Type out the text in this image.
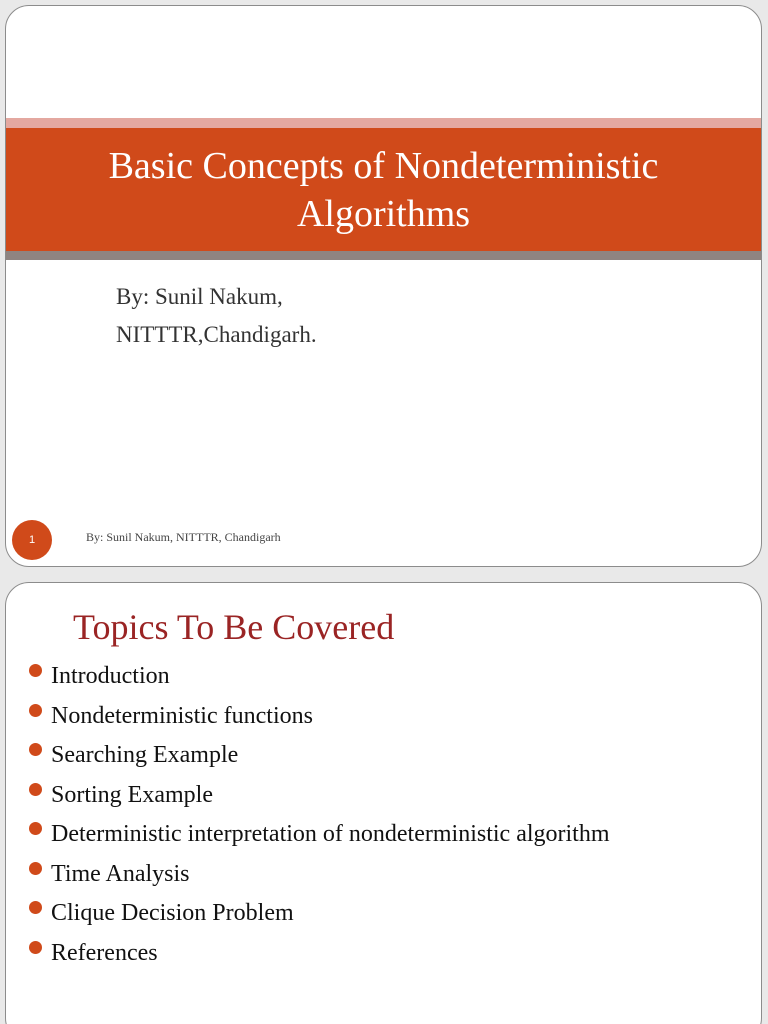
Basic Concepts of Nondeterministic
Algorithms
By: Sunil Nakum,
NITTTR,Chandigarh.
1	By: Sunil Nakum, NITTTR, Chandigarh
Topics To Be Covered
Introduction
Nondeterministic functions
Searching Example
Sorting Example
Deterministic interpretation of nondeterministic algorithm
Time Analysis
Clique Decision Problem
References
